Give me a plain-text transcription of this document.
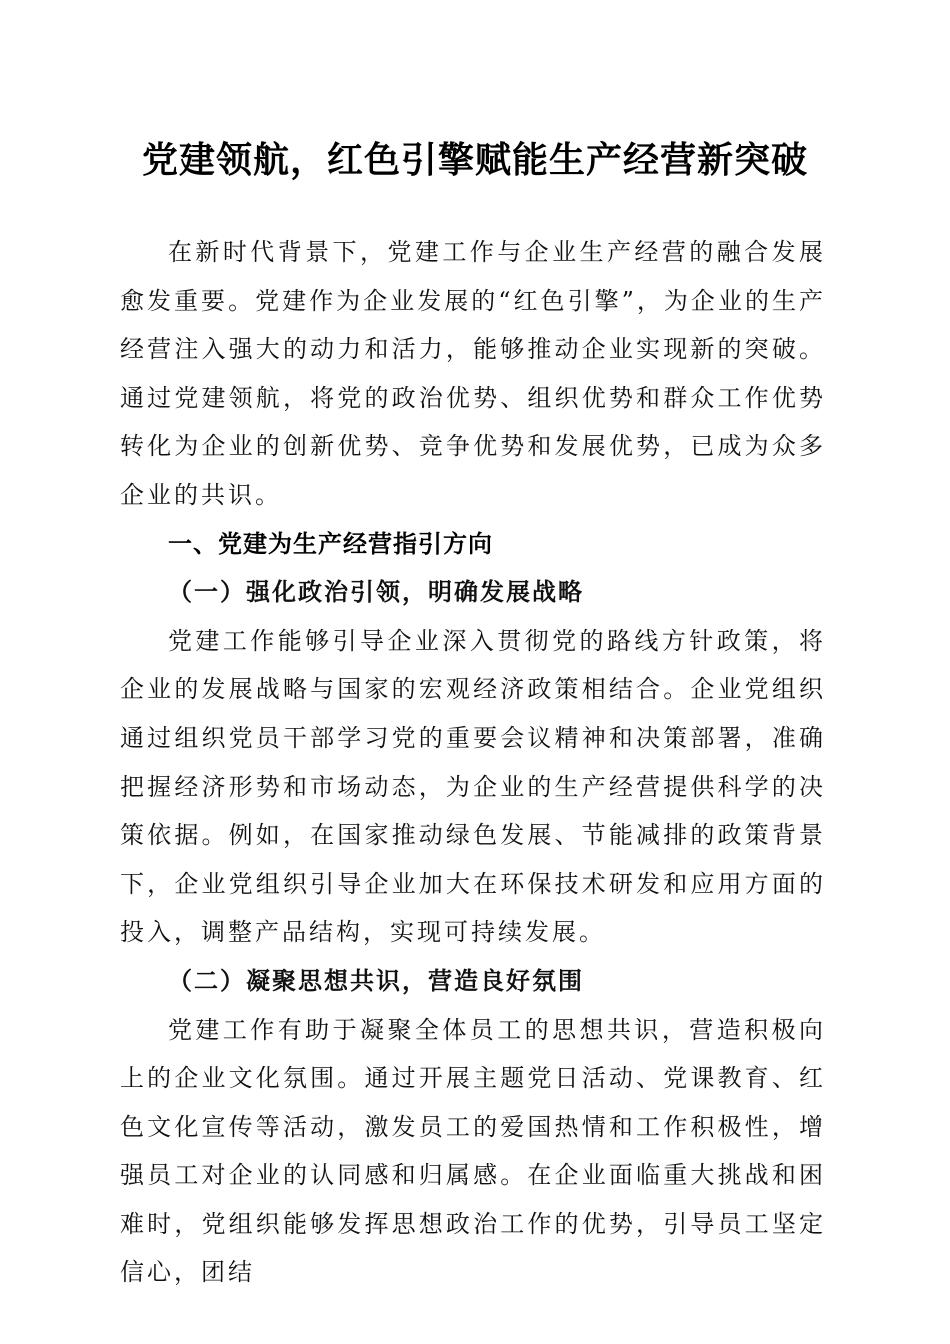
党建领航，红色引擎赋能生产经营新突破

在新时代背景下，党建工作与企业生产经营的融合发展愈发重要。党建作为企业发展的“红色引擎”，为企业的生产经营注入强大的动力和活力，能够推动企业实现新的突破。通过党建领航，将党的政治优势、组织优势和群众工作优势转化为企业的创新优势、竞争优势和发展优势，已成为众多企业的共识。

一、党建为生产经营指引方向

（一）强化政治引领，明确发展战略

党建工作能够引导企业深入贯彻党的路线方针政策，将企业的发展战略与国家的宏观经济政策相结合。企业党组织通过组织党员干部学习党的重要会议精神和决策部署，准确把握经济形势和市场动态，为企业的生产经营提供科学的决策依据。例如，在国家推动绿色发展、节能减排的政策背景下，企业党组织引导企业加大在环保技术研发和应用方面的投入，调整产品结构，实现可持续发展。

（二）凝聚思想共识，营造良好氛围

党建工作有助于凝聚全体员工的思想共识，营造积极向上的企业文化氛围。通过开展主题党日活动、党课教育、红色文化宣传等活动，激发员工的爱国热情和工作积极性，增强员工对企业的认同感和归属感。在企业面临重大挑战和困难时，党组织能够发挥思想政治工作的优势，引导员工坚定信心，团结
